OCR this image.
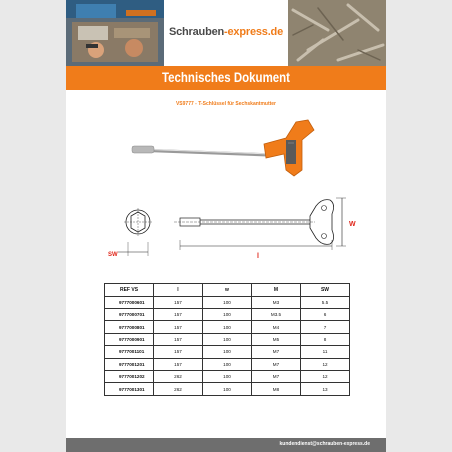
Schrauben-express.de
Technisches Dokument
VS9777 - T-Schlüssel für Sechskantmutter
SW	l
W
REF VS	l	w	M	SW
9777000601	157	100	M3	5.5
9777000701	157	100	M3.5	6
9777000801	157	100	M4	7
9777000901	157	100	M5	8
9777001101	157	100	M7	11
9777001201	157	100	M7	12
9777001202	262	100	M7	12
9777001301	262	100	M8	13
kundendienst@schrauben-express.de
